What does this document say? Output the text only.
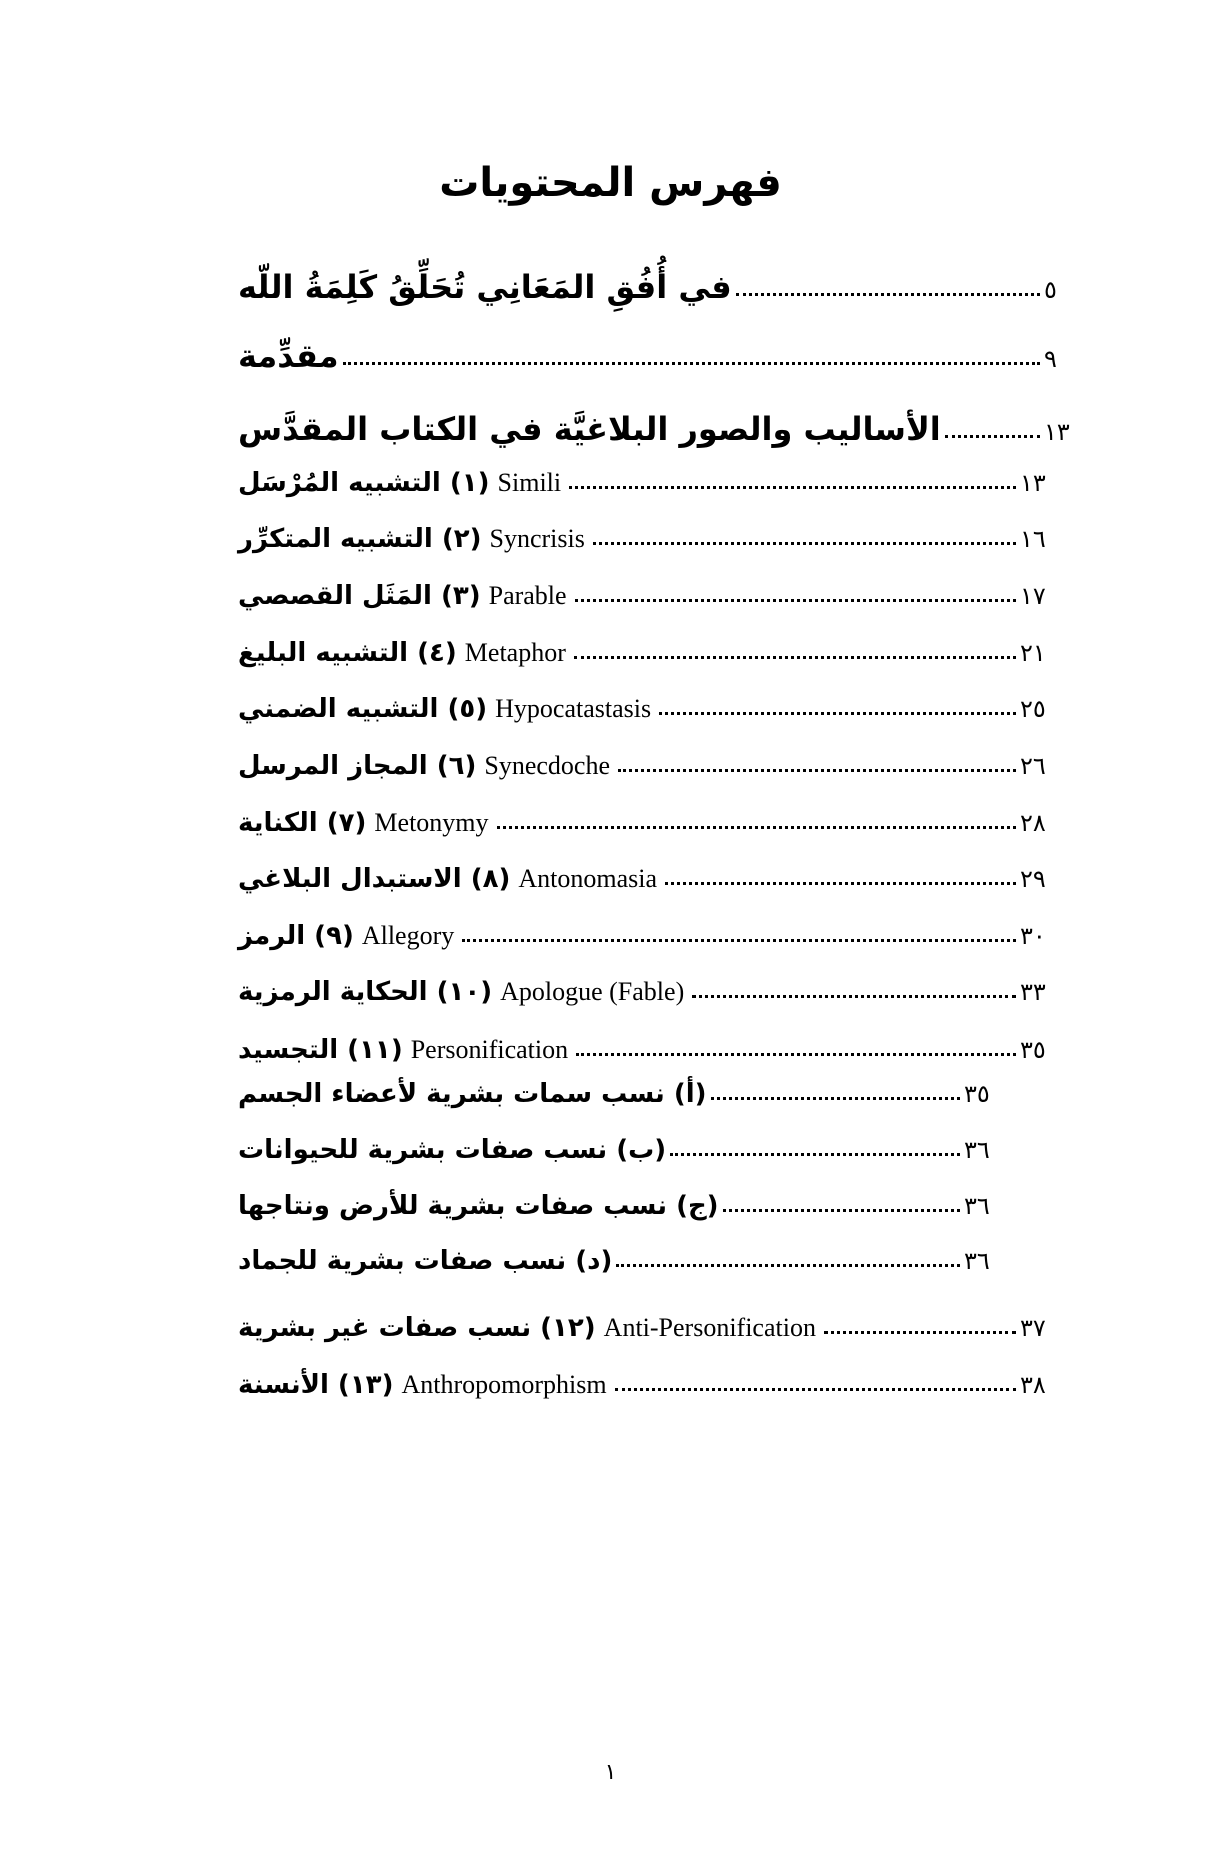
فهرس المحتويات
في أُفُقِ المَعَانِي تُحَلِّقُ كَلِمَةُ اللّه	٥
مقدِّمة	٩
الأساليب والصور البلاغيَّة في الكتاب المقدَّس	١٣
(١) التشبيه المُرْسَل Simili	١٣
(٢) التشبيه المتكرِّر Syncrisis	١٦
(٣) المَثَل القصصي Parable	١٧
(٤) التشبيه البليغ Metaphor	٢١
(٥) التشبيه الضمني Hypocatastasis	٢٥
(٦) المجاز المرسل Synecdoche	٢٦
(٧) الكناية Metonymy	٢٨
(٨) الاستبدال البلاغي Antonomasia	٢٩
(٩) الرمز Allegory	٣٠
(١٠) الحكاية الرمزية Apologue (Fable)	٣٣
(١١) التجسيد Personification	٣٥
(أ) نسب سمات بشرية لأعضاء الجسم	٣٥
(ب) نسب صفات بشرية للحيوانات	٣٦
(ج) نسب صفات بشرية للأرض ونتاجها	٣٦
(د) نسب صفات بشرية للجماد	٣٦
(١٢) نسب صفات غير بشرية Anti-Personification	٣٧
(١٣) الأنسنة Anthropomorphism	٣٨
١
